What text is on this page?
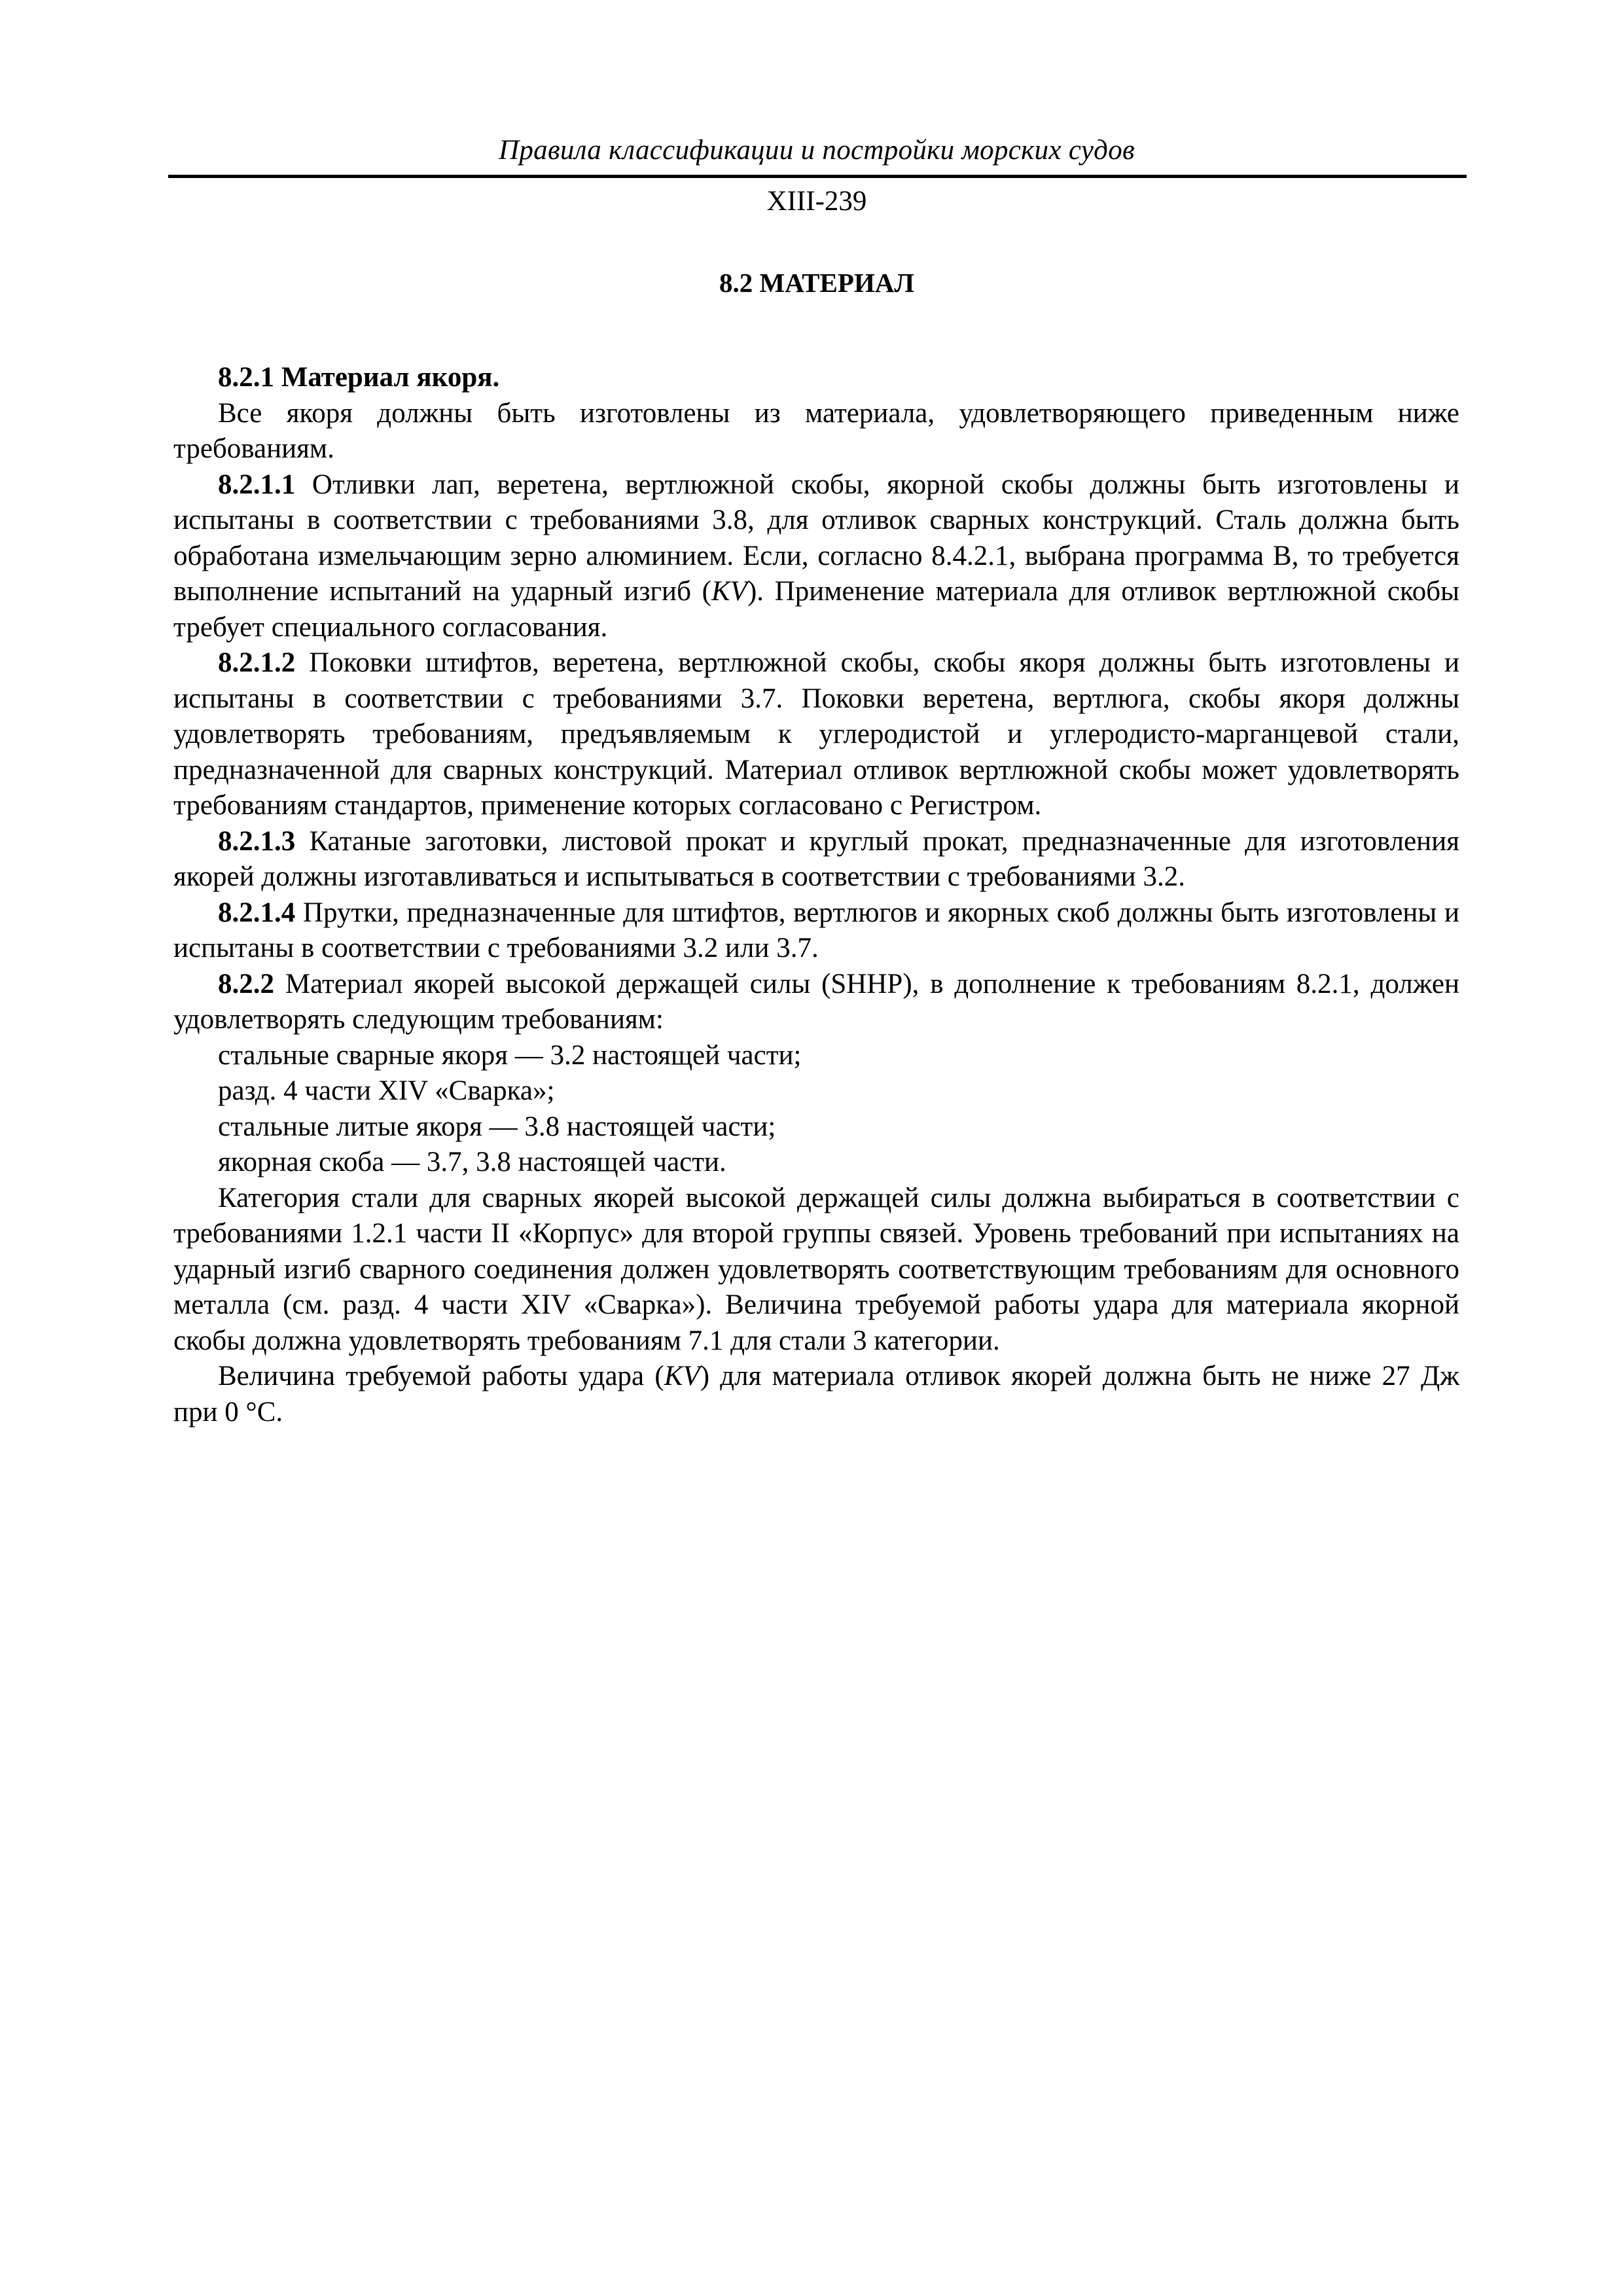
Правила классификации и постройки морских судов
XIII-239
8.2 МАТЕРИАЛ

8.2.1 Материал якоря.

Все якоря должны быть изготовлены из материала, удовлетворяющего приведенным ниже требованиям.

8.2.1.1 Отливки лап, веретена, вертлюжной скобы, якорной скобы должны быть изготовлены и испытаны в соответствии с требованиями 3.8, для отливок сварных конструкций. Сталь должна быть обработана измельчающим зерно алюминием. Если, согласно 8.4.2.1, выбрана программа В, то требуется выполнение испытаний на ударный изгиб (KV). Применение материала для отливок вертлюжной скобы требует специального согласования.

8.2.1.2 Поковки штифтов, веретена, вертлюжной скобы, скобы якоря должны быть изготовлены и испытаны в соответствии с требованиями 3.7. Поковки веретена, вертлюга, скобы якоря должны удовлетворять требованиям, предъявляемым к углеродистой и углеродисто-марганцевой стали, предназначенной для сварных конструкций. Материал отливок вертлюжной скобы может удовлетворять требованиям стандартов, применение которых согласовано с Регистром.

8.2.1.3 Катаные заготовки, листовой прокат и круглый прокат, предназначенные для изготовления якорей должны изготавливаться и испытываться в соответствии с требованиями 3.2.

8.2.1.4 Прутки, предназначенные для штифтов, вертлюгов и якорных скоб должны быть изготовлены и испытаны в соответствии с требованиями 3.2 или 3.7.

8.2.2 Материал якорей высокой держащей силы (SHHP), в дополнение к требованиям 8.2.1, должен удовлетворять следующим требованиям:

стальные сварные якоря — 3.2 настоящей части;

разд. 4 части XIV «Сварка»;

стальные литые якоря — 3.8 настоящей части;

якорная скоба — 3.7, 3.8 настоящей части.

Категория стали для сварных якорей высокой держащей силы должна выбираться в соответствии с требованиями 1.2.1 части II «Корпус» для второй группы связей. Уровень требований при испытаниях на ударный изгиб сварного соединения должен удовлетворять соответствующим требованиям для основного металла (см. разд. 4 части XIV «Сварка»). Величина требуемой работы удара для материала якорной скобы должна удовлетворять требованиям 7.1 для стали 3 категории.

Величина требуемой работы удара (KV) для материала отливок якорей должна быть не ниже 27 Дж при 0 °С.
